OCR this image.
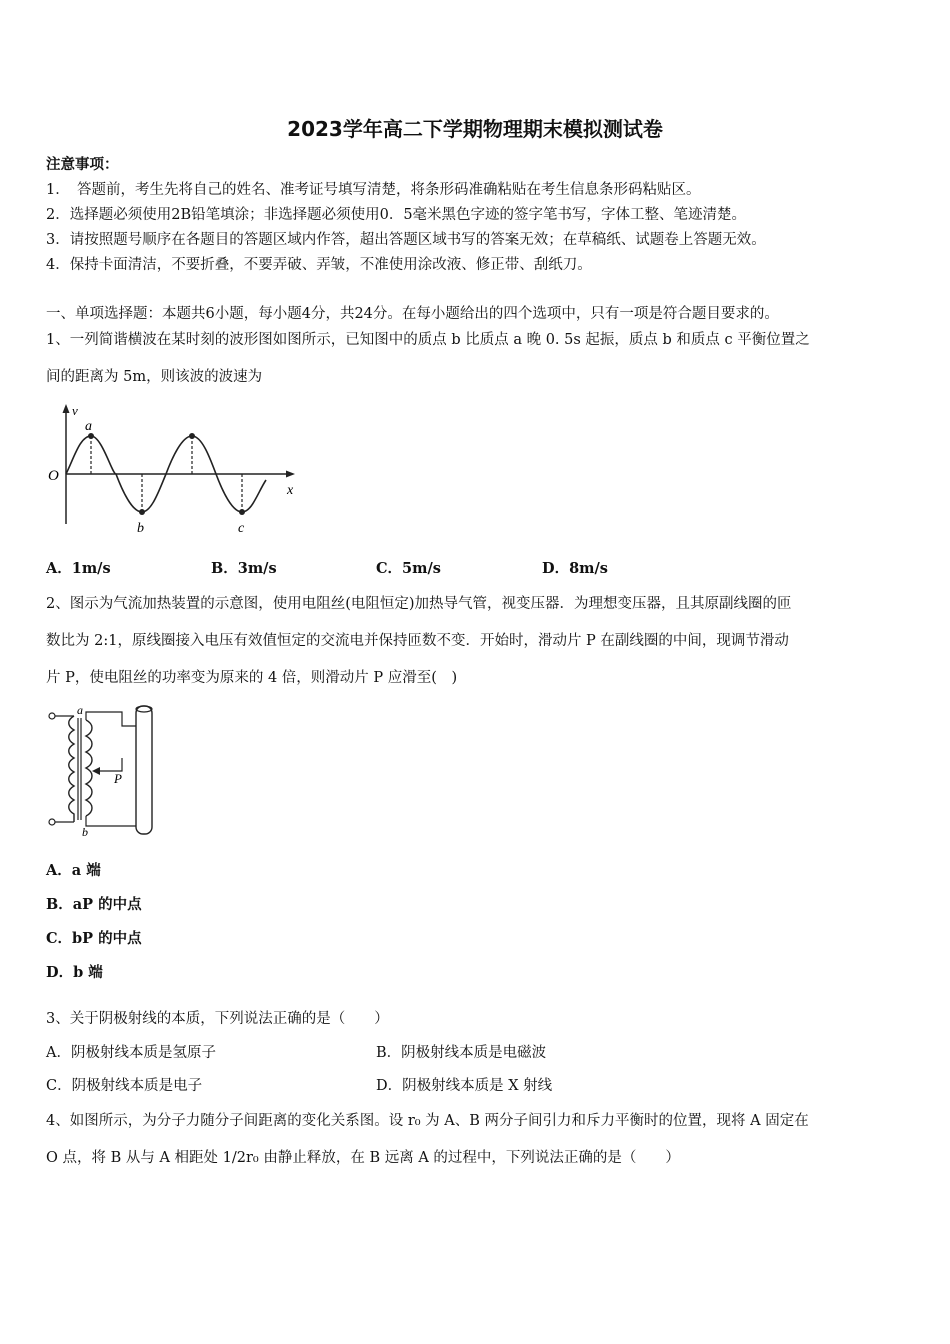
2023学年高二下学期物理期末模拟测试卷
注意事项：
1．　答题前，考生先将自己的姓名、准考证号填写清楚，将条形码准确粘贴在考生信息条形码粘贴区。
2．选择题必须使用2B铅笔填涂；非选择题必须使用0．5毫米黑色字迹的签字笔书写，字体工整、笔迹清楚。
3．请按照题号顺序在各题目的答题区域内作答，超出答题区域书写的答案无效；在草稿纸、试题卷上答题无效。
4．保持卡面清洁，不要折叠，不要弄破、弄皱，不准使用涂改液、修正带、刮纸刀。
一、单项选择题：本题共6小题，每小题4分，共24分。在每小题给出的四个选项中，只有一项是符合题目要求的。
1、一列简谐横波在某时刻的波形图如图所示，已知图中的质点 b 比质点 a 晚 0. 5s 起振，质点 b 和质点 c 平衡位置之
间的距离为 5m，则该波的波速为
v
a
O
x
b	c
A．1m/s	B．3m/s	C．5m/s	D．8m/s
2、图示为气流加热装置的示意图，使用电阻丝(电阻恒定)加热导气管，视变压器．为理想变压器，且其原副线圈的匝
数比为 2:1，原线圈接入电压有效值恒定的交流电并保持匝数不变．开始时，滑动片 P 在副线圈的中间，现调节滑动
片 P，使电阻丝的功率变为原来的 4 倍，则滑动片 P 应滑至(　)
a
b
P
A．a 端
B．aP 的中点
C．bP 的中点
D．b 端
3、关于阴极射线的本质，下列说法正确的是（　　）
A．阴极射线本质是氢原子	B．阴极射线本质是电磁波
C．阴极射线本质是电子	D．阴极射线本质是 X 射线
4、如图所示，为分子力随分子间距离的变化关系图。设 r₀ 为 A、B 两分子间引力和斥力平衡时的位置，现将 A 固定在
O 点，将 B 从与 A 相距处 1/2r₀ 由静止释放，在 B 远离 A 的过程中，下列说法正确的是（　　）
